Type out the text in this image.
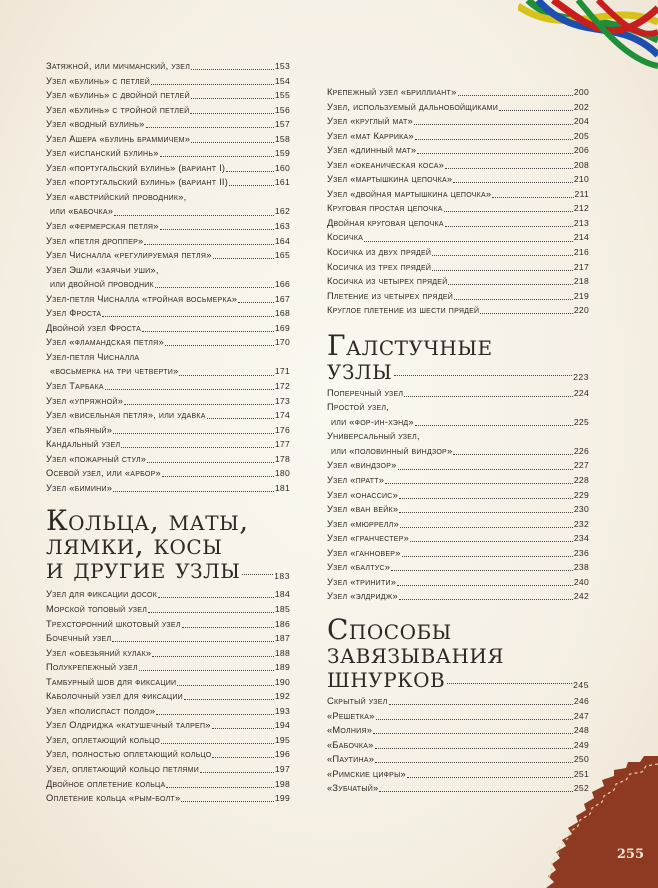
Затяжной, или мичманский, узел	153
Узел «булинь» с петлей	154
Узел «булинь» с двойной петлей	155
Узел «булинь» с тройной петлей	156
Узел «водный булинь»	157
Узел Ашера «булинь браммичем»	158
Узел «испанский булинь»	159
Узел «португальский булинь» (вариант I)	160
Узел «португальский булинь» (вариант II)	161
Узел «австрийский проводник»,
или «бабочка»	162
Узел «фермерская петля»	163
Узел «петля дроппер»	164
Узел Чисналла «регулируемая петля»	165
Узел Эшли «заячьи уши»,
или двойной проводник	166
Узел-петля Чисналла «тройная восьмерка»	167
Узел Фроста	168
Двойной узел Фроста	169
Узел «фламандская петля»	170
Узел-петля Чисналла
«восьмерка на три четверти»	171
Узел Тарбака	172
Узел «упряжной»	173
Узел «висельная петля», или удавка	174
Узел «пьяный»	176
Кандальный узел	177
Узел «пожарный стул»	178
Осевой узел, или «арбор»	180
Узел «бимини»	181
Кольца, маты,
лямки, косы
и другие узлы	183
Узел для фиксации досок	184
Морской топовый узел	185
Трехсторонний шкотовый узел	186
Бочечный узел	187
Узел «обезьяний кулак»	188
Полукрепежный узел	189
Тамбурный шов для фиксации	190
Каболочный узел для фиксации	192
Узел «полиспаст полдо»	193
Узел Олдриджа «катушечный талреп»	194
Узел, оплетающий кольцо	195
Узел, полностью оплетающий кольцо	196
Узел, оплетающий кольцо петлями	197
Двойное оплетение кольца	198
Оплетение кольца «рым-болт»	199
Крепежный узел «бриллиант»	200
Узел, используемый дальнобойщиками	202
Узел «круглый мат»	204
Узел «мат Каррика»	205
Узел «длинный мат»	206
Узел «океаническая коса»	208
Узел «мартышкина цепочка»	210
Узел «двойная мартышкина цепочка»	211
Круговая простая цепочка	212
Двойная круговая цепочка	213
Косичка	214
Косичка из двух прядей	216
Косичка из трех прядей	217
Косичка из четырех прядей	218
Плетение из четырех прядей	219
Круглое плетение из шести прядей	220
Галстучные
узлы	223
Поперечный узел	224
Простой узел,
или «фор-ин-хэнд»	225
Универсальный узел,
или «половинный виндзор»	226
Узел «виндзор»	227
Узел «пратт»	228
Узел «онассис»	229
Узел «ван вейк»	230
Узел «мюррелл»	232
Узел «гранчестер»	234
Узел «ганновер»	236
Узел «балтус»	238
Узел «тринити»	240
Узел «элдридж»	242
Способы
завязывания
шнурков	245
Скрытый узел	246
«Решетка»	247
«Молния»	248
«Бабочка»	249
«Паутина»	250
«Римские цифры»	251
«Зубчатый»	252
255
